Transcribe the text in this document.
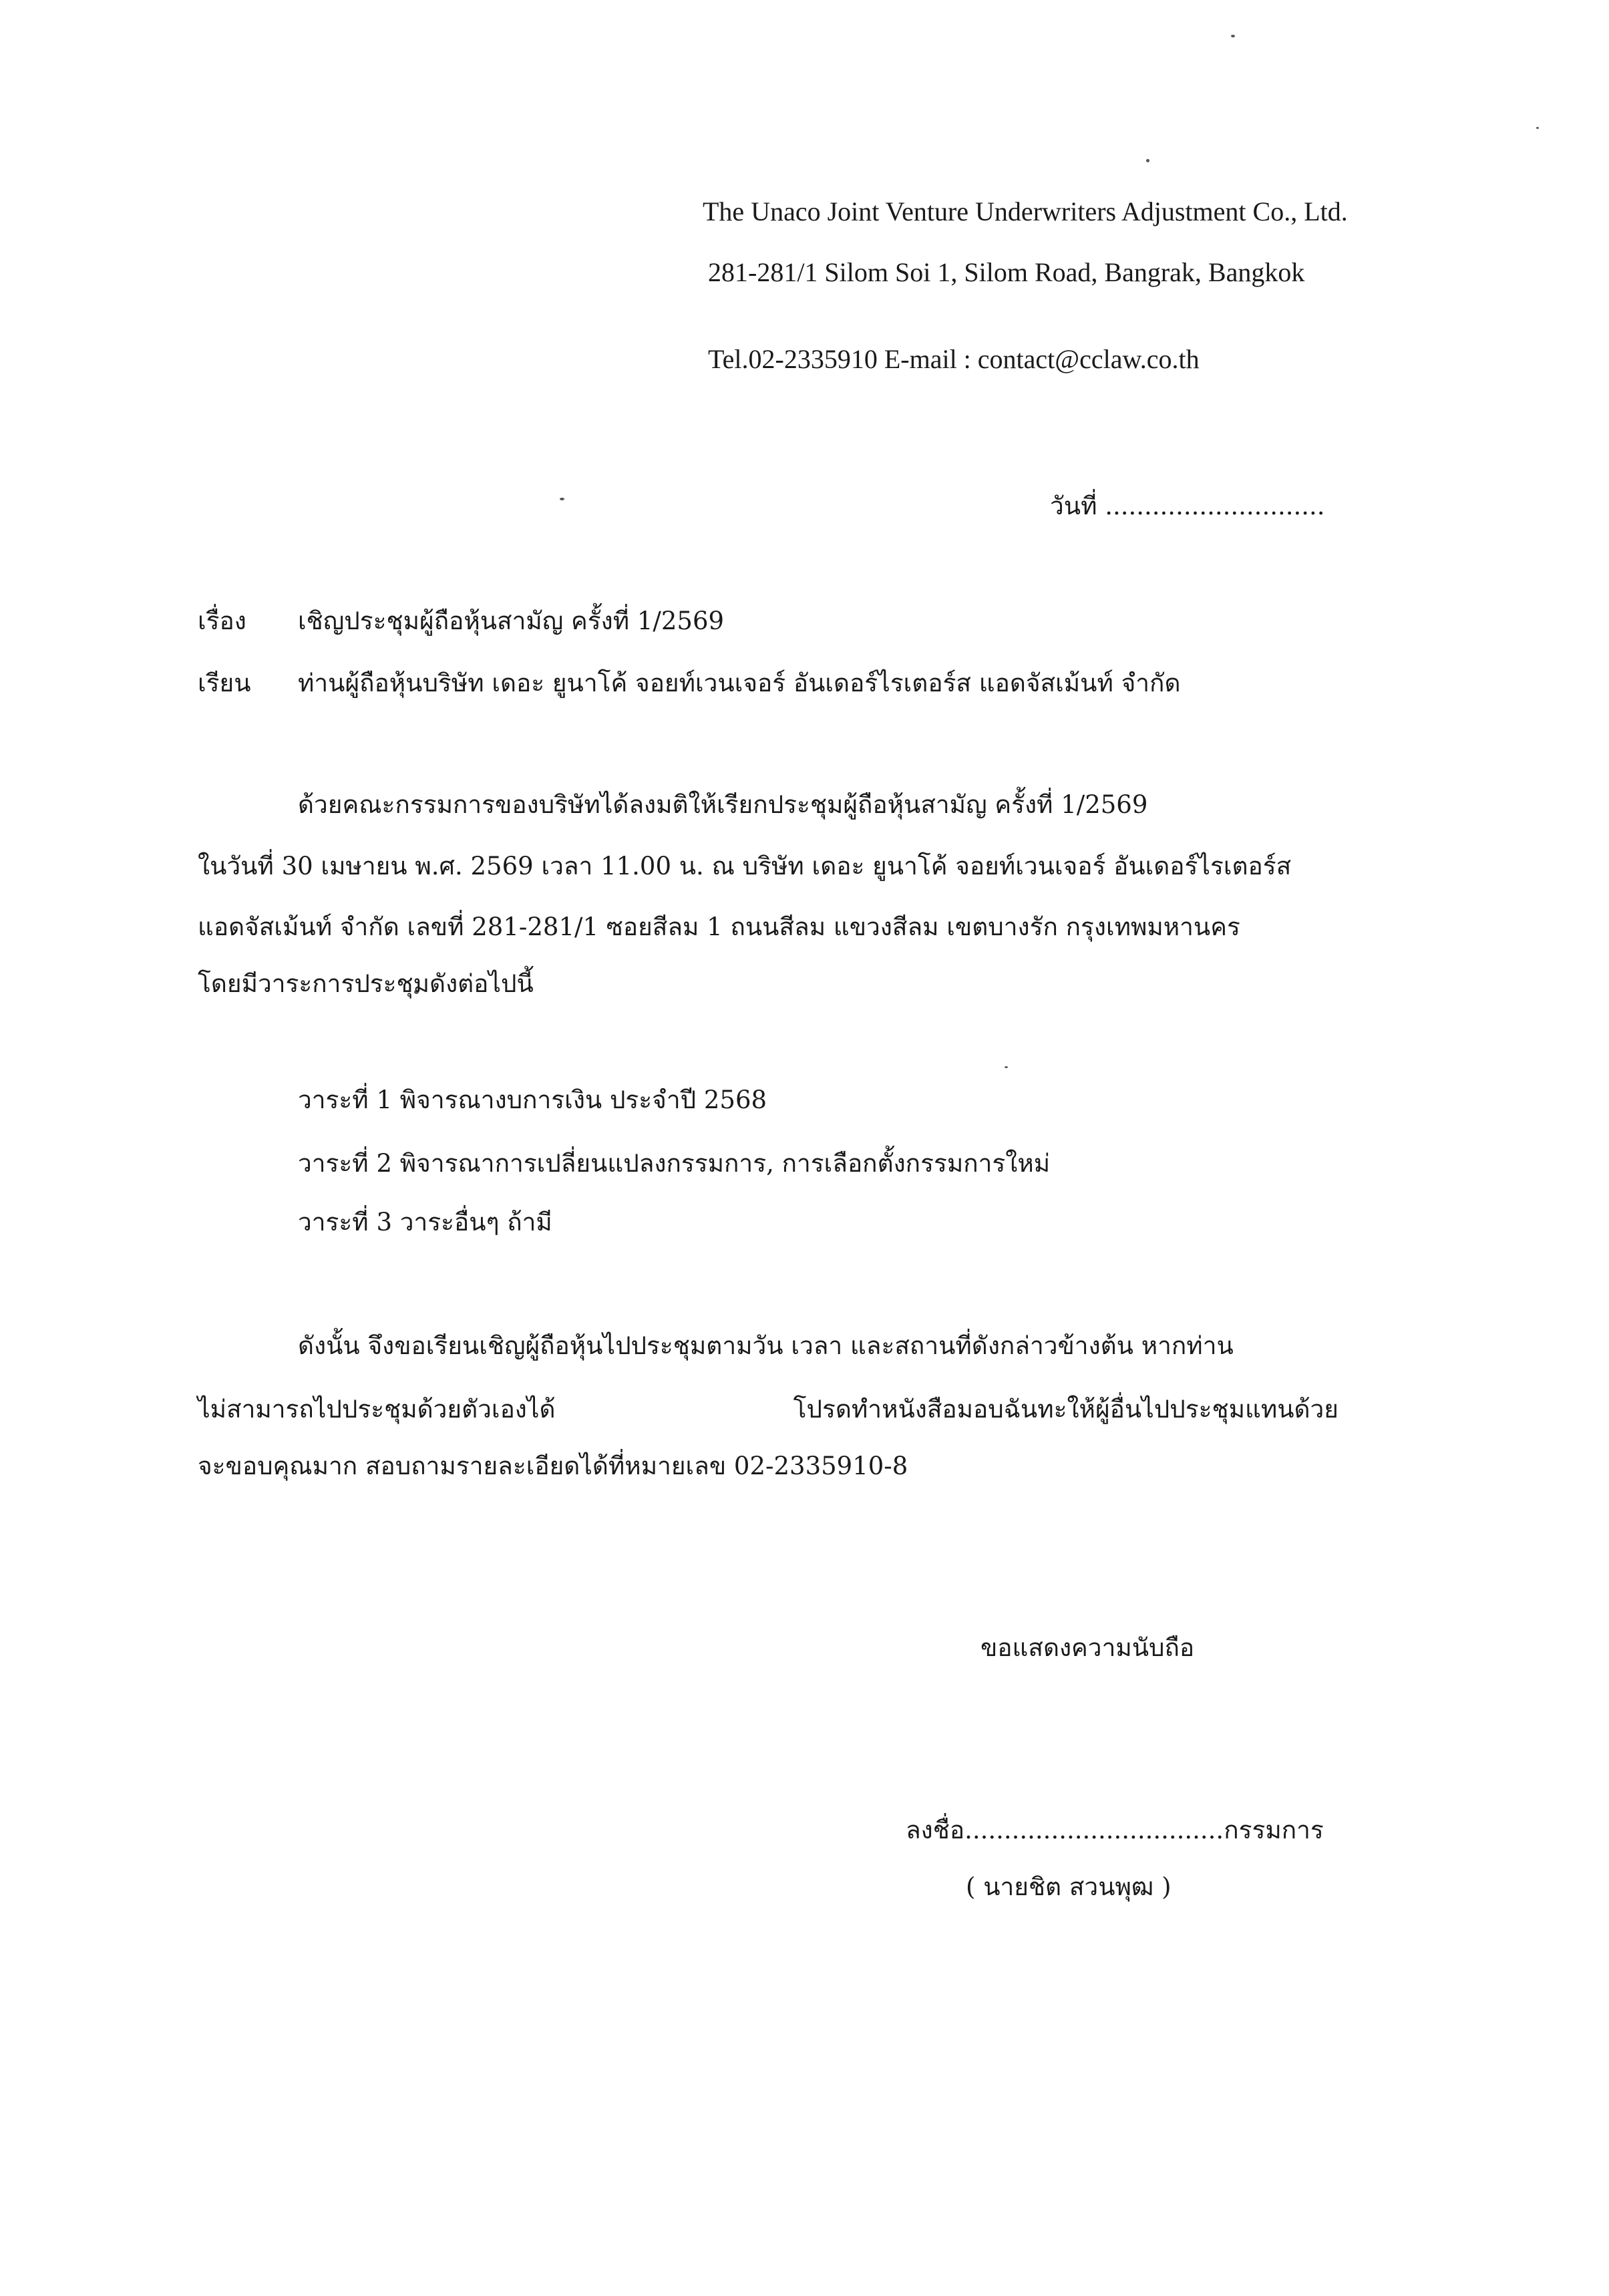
The Unaco Joint Venture Underwriters Adjustment Co., Ltd.
281-281/1 Silom Soi 1, Silom Road, Bangrak, Bangkok
Tel.02-2335910 E-mail : contact@cclaw.co.th
วันที่ ............................
เรื่อง เชิญประชุมผู้ถือหุ้นสามัญ ครั้งที่ 1/2569
เรียน ท่านผู้ถือหุ้นบริษัท เดอะ ยูนาโค้ จอยท์เวนเจอร์ อันเดอร์ไรเตอร์ส แอดจัสเม้นท์ จำกัด
ด้วยคณะกรรมการของบริษัทได้ลงมติให้เรียกประชุมผู้ถือหุ้นสามัญ ครั้งที่ 1/2569
ในวันที่ 30 เมษายน พ.ศ. 2569 เวลา 11.00 น. ณ บริษัท เดอะ ยูนาโค้ จอยท์เวนเจอร์ อันเดอร์ไรเตอร์ส
แอดจัสเม้นท์ จำกัด เลขที่ 281-281/1 ซอยสีลม 1 ถนนสีลม แขวงสีลม เขตบางรัก กรุงเทพมหานคร
โดยมีวาระการประชุมดังต่อไปนี้
วาระที่ 1 พิจารณางบการเงิน ประจำปี 2568
วาระที่ 2 พิจารณาการเปลี่ยนแปลงกรรมการ, การเลือกตั้งกรรมการใหม่
วาระที่ 3 วาระอื่นๆ ถ้ามี
ดังนั้น จึงขอเรียนเชิญผู้ถือหุ้นไปประชุมตามวัน เวลา และสถานที่ดังกล่าวข้างต้น หากท่าน
ไม่สามารถไปประชุมด้วยตัวเองได้	โปรดทำหนังสือมอบฉันทะให้ผู้อื่นไปประชุมแทนด้วย
จะขอบคุณมาก สอบถามรายละเอียดได้ที่หมายเลข 02-2335910-8
ขอแสดงความนับถือ
ลงชื่อ.................................กรรมการ
( นายชิต สวนพุฒ )
